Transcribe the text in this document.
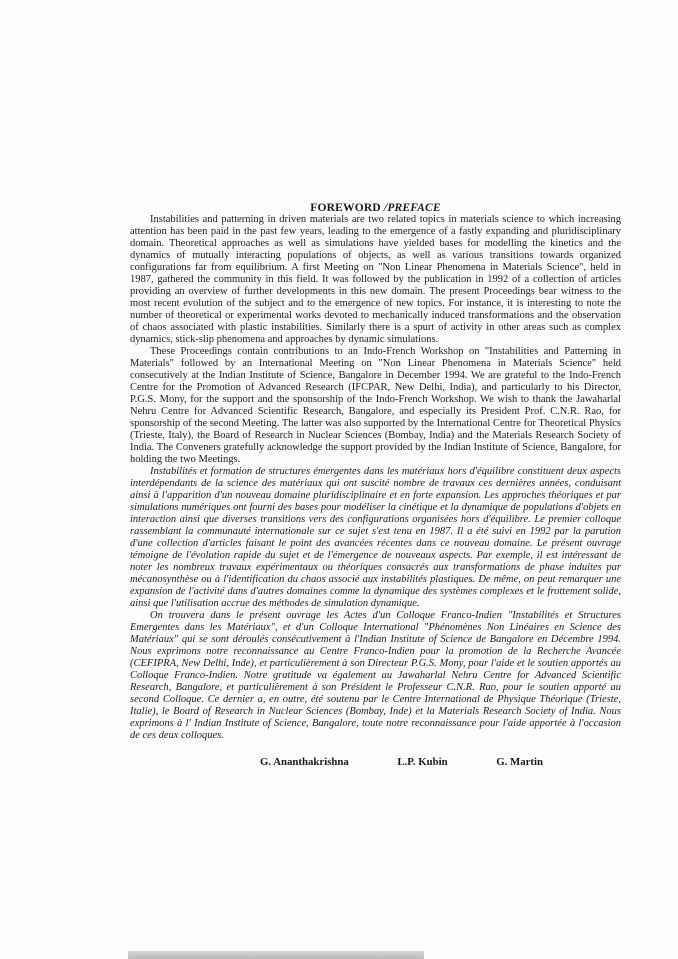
FOREWORD /PREFACE

Instabilities and patterning in driven materials are two related topics in materials science to which increasing attention has been paid in the past few years, leading to the emergence of a fastly expanding and pluridisciplinary domain. Theoretical approaches as well as simulations have yielded bases for modelling the kinetics and the dynamics of mutually interacting populations of objects, as well as various transitions towards organized configurations far from equilibrium. A first Meeting on "Non Linear Phenomena in Materials Science", held in 1987, gathered the community in this field. It was followed by the publication in 1992 of a collection of articles providing an overview of further developments in this new domain. The present Proceedings bear witness to the most recent evolution of the subject and to the emergence of new topics. For instance, it is interesting to note the number of theoretical or experimental works devoted to mechanically induced transformations and the observation of chaos associated with plastic instabilities. Similarly there is a spurt of activity in other areas such as complex dynamics, stick-slip phenomena and approaches by dynamic simulations.

These Proceedings contain contributions to an Indo-French Workshop on "Instabilities and Patterning in Materials" followed by an International Meeting on "Non Linear Phenomena in Materials Science" held consecutively at the Indian Institute of Science, Bangalore in December 1994. We are grateful to the Indo-French Centre for the Promotion of Advanced Research (IFCPAR, New Delhi, India), and particularly to his Director, P.G.S. Mony, for the support and the sponsorship of the Indo-French Workshop. We wish to thank the Jawaharlal Nehru Centre for Advanced Scientific Research, Bangalore, and especially its President Prof. C.N.R. Rao, for sponsorship of the second Meeting. The latter was also supported by the International Centre for Theoretical Physics (Trieste, Italy), the Board of Research in Nuclear Sciences (Bombay, India) and the Materials Research Society of India. The Conveners gratefully acknowledge the support provided by the Indian Institute of Science, Bangalore, for holding the two Meetings.

Instabilités et formation de structures émergentes dans les matériaux hors d'équilibre constituent deux aspects interdépendants de la science des matériaux qui ont suscité nombre de travaux ces dernières années, conduisant ainsi à l'apparition d'un nouveau domaine pluridisciplinaire et en forte expansion. Les approches théoriques et par simulations numériques ont fourni des bases pour modéliser la cinétique et la dynamique de populations d'objets en interaction ainsi que diverses transitions vers des configurations organisées hors d'équilibre. Le premier colloque rassemblant la communauté internationale sur ce sujet s'est tenu en 1987. Il a été suivi en 1992 par la parution d'une collection d'articles faisant le point des avancées récentes dans ce nouveau domaine. Le présent ouvrage témoigne de l'évolution rapide du sujet et de l'émergence de nouveaux aspects. Par exemple, il est intéressant de noter les nombreux travaux expérimentaux ou théoriques consacrés aux transformations de phase induites par mécanosynthèse ou à l'identification du chaos associé aux instabilités plastiques. De même, on peut remarquer une expansion de l'activité dans d'autres domaines comme la dynamique des systèmes complexes et le frottement solide, ainsi que l'utilisation accrue des méthodes de simulation dynamique.

On trouvera dans le présent ouvrage les Actes d'un Colloque Franco-Indien "Instabilités et Structures Emergentes dans les Matériaux", et d'un Colloque International "Phénomènes Non Linéaires en Science des Matériaux" qui se sont déroulés consécutivement à l'Indian Institute of Science de Bangalore en Décembre 1994. Nous exprimons notre reconnaissance au Centre Franco-Indien pour la promotion de la Recherche Avancée (CEFIPRA, New Delhi, Inde), et particulièrement à son Directeur P.G.S. Mony, pour l'aide et le soutien apportés au Colloque Franco-Indien. Notre gratitude va également au Jawaharlal Nehru Centre for Advanced Scientific Research, Bangalore, et particulièrement à son Président le Professeur C.N.R. Rao, pour le soutien apporté au second Colloque. Ce dernier a, en outre, été soutenu par le Centre International de Physique Théorique (Trieste, Italie), le Board of Research in Nuclear Sciences (Bombay, Inde) et la Materials Research Society of India. Nous exprimons à l' Indian Institute of Science, Bangalore, toute notre reconnaissance pour l'aide apportée à l'occasion de ces deux colloques.

G. Ananthakrishna	L.P. Kubin	G. Martin
